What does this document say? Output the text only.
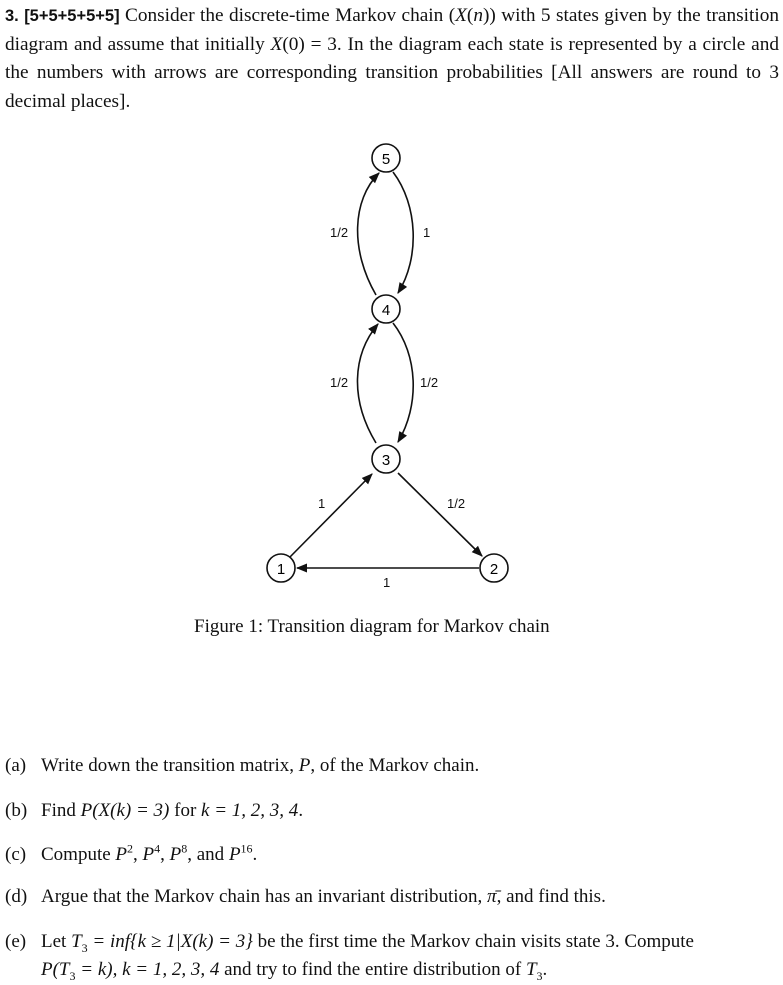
3. [5+5+5+5+5] Consider the discrete-time Markov chain (X(n)) with 5 states given by the transition diagram and assume that initially X(0) = 3. In the diagram each state is represented by a circle and the numbers with arrows are corresponding transition probabilities [All answers are round to 3 decimal places].
5
4
3
2
1
1/2	1
1/2	1/2
1	1/2
1
Figure 1: Transition diagram for Markov chain
(a) Write down the transition matrix, P, of the Markov chain.
(b) Find P(X(k) = 3) for k = 1, 2, 3, 4.
(c) Compute $P^2$, $P^4$, $P^8$, and $P^{16}$.
(d) Argue that the Markov chain has an invariant distribution, π̄, and find this.
(e) Let $T_3 = inf\{k \ge 1|X(k) = 3\}$ be the first time the Markov chain visits state 3. Compute
$P(T_3 = k)$, k = 1, 2, 3, 4 and try to find the entire distribution of $T_3$.
